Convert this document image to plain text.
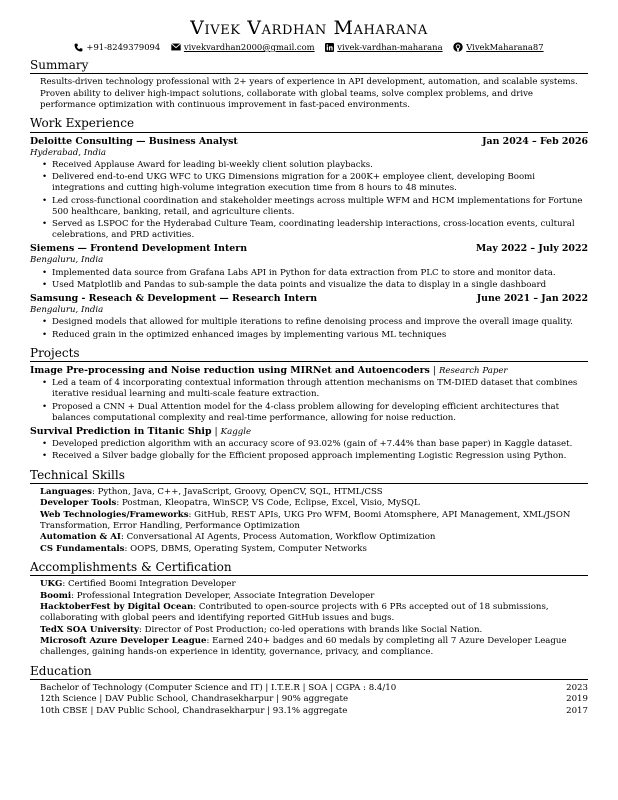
Vivek Vardhan Maharana
+91-8249379094
	vivekvardhan2000@gmail.com
	vivek-vardhan-maharana
	VivekMaharana87
Summary
Results-driven technology professional with 2+ years of experience in API development, automation, and scalable systems. Proven ability to deliver high-impact solutions, collaborate with global teams, solve complex problems, and drive performance optimization with continuous improvement in fast-paced environments.
Work Experience
Deloitte Consulting — Business Analyst	Jan 2024 – Feb 2026
Hyderabad, India
• Received Applause Award for leading bi-weekly client solution playbacks.
• Delivered end-to-end UKG WFC to UKG Dimensions migration for a 200K+ employee client, developing Boomi integrations and cutting high-volume integration execution time from 8 hours to 48 minutes.
• Led cross-functional coordination and stakeholder meetings across multiple WFM and HCM implementations for Fortune 500 healthcare, banking, retail, and agriculture clients.
• Served as LSPOC for the Hyderabad Culture Team, coordinating leadership interactions, cross-location events, cultural celebrations, and PRD activities.
Siemens — Frontend Development Intern	May 2022 – July 2022
Bengaluru, India
• Implemented data source from Grafana Labs API in Python for data extraction from PLC to store and monitor data.
• Used Matplotlib and Pandas to sub-sample the data points and visualize the data to display in a single dashboard
Samsung - Reseach & Development — Research Intern	June 2021 – Jan 2022
Bengaluru, India
• Designed models that allowed for multiple iterations to refine denoising process and improve the overall image quality.
• Reduced grain in the optimized enhanced images by implementing various ML techniques
Projects
Image Pre-processing and Noise reduction using MIRNet and Autoencoders | Research Paper
• Led a team of 4 incorporating contextual information through attention mechanisms on TM-DIED dataset that combines iterative residual learning and multi-scale feature extraction.
• Proposed a CNN + Dual Attention model for the 4-class problem allowing for developing efficient architectures that balances computational complexity and real-time performance, allowing for noise reduction.
Survival Prediction in Titanic Ship | Kaggle
• Developed prediction algorithm with an accuracy score of 93.02% (gain of +7.44% than base paper) in Kaggle dataset.
• Received a Silver badge globally for the Efficient proposed approach implementing Logistic Regression using Python.
Technical Skills
Languages: Python, Java, C++, JavaScript, Groovy, OpenCV, SQL, HTML/CSS
Developer Tools: Postman, Kleopatra, WinSCP, VS Code, Eclipse, Excel, Visio, MySQL
Web Technologies/Frameworks: GitHub, REST APIs, UKG Pro WFM, Boomi Atomsphere, API Management, XML/JSON Transformation, Error Handling, Performance Optimization
Automation & AI: Conversational AI Agents, Process Automation, Workflow Optimization
CS Fundamentals: OOPS, DBMS, Operating System, Computer Networks
Accomplishments & Certification
UKG: Certified Boomi Integration Developer
Boomi: Professional Integration Developer, Associate Integration Developer
HacktoberFest by Digital Ocean: Contributed to open-source projects with 6 PRs accepted out of 18 submissions, collaborating with global peers and identifying reported GitHub issues and bugs.
TedX SOA University: Director of Post Production; co-led operations with brands like Social Nation.
Microsoft Azure Developer League: Earned 240+ badges and 60 medals by completing all 7 Azure Developer League challenges, gaining hands-on experience in identity, governance, privacy, and compliance.
Education
Bachelor of Technology (Computer Science and IT) | I.T.E.R | SOA | CGPA : 8.4/10	2023
12th Science | DAV Public School, Chandrasekharpur | 90% aggregate	2019
10th CBSE | DAV Public School, Chandrasekharpur | 93.1% aggregate	2017
